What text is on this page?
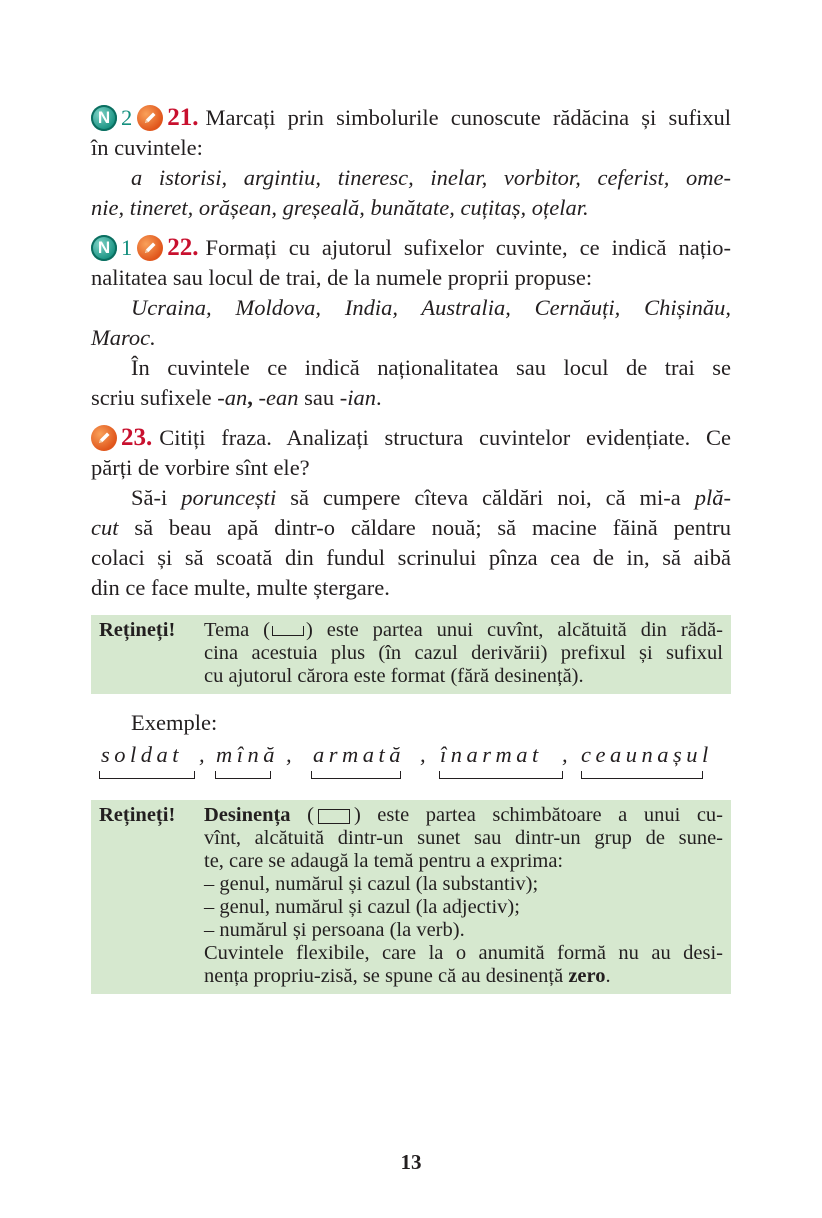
N 2 21. Marcați prin simbolurile cunoscute rădăcina și sufixul

în cuvintele:

a istorisi, argintiu, tineresc, inelar, vorbitor, ceferist, ome-

nie, tineret, orășean, greșeală, bunătate, cuțitaș, oțelar.

N 1 22. Formați cu ajutorul sufixelor cuvinte, ce indică națio-

nalitatea sau locul de trai, de la numele proprii propuse:

Ucraina, Moldova, India, Australia, Cernăuți, Chișinău,

Maroc.

În cuvintele ce indică naționalitatea sau locul de trai se

scriu sufixele -an, -ean sau -ian.

23. Citiți fraza. Analizați structura cuvintelor evidențiate. Ce

părți de vorbire sînt ele?

Să-i poruncești să cumpere cîteva căldări noi, că mi-a plă-

cut să beau apă dintr-o căldare nouă; să macine făină pentru

colaci și să scoată din fundul scrinului pînza cea de in, să aibă

din ce face multe, multe ștergare.

Rețineți!	Tema ( ) este partea unui cuvînt, alcătuită din rădă-
cina acestuia plus (în cazul derivării) prefixul și sufixul
cu ajutorul cărora este format (fără desinență).

Exemple:

soldat , mînă , armată , înarmat , ceaunașul
Rețineți!	Desinența ( ) este partea schimbătoare a unui cu-
vînt, alcătuită dintr-un sunet sau dintr-un grup de sune-
te, care se adaugă la temă pentru a exprima:
– genul, numărul și cazul (la substantiv);
– genul, numărul și cazul (la adjectiv);
– numărul și persoana (la verb).
Cuvintele flexibile, care la o anumită formă nu au desi-
nența propriu-zisă, se spune că au desinență zero.
13
